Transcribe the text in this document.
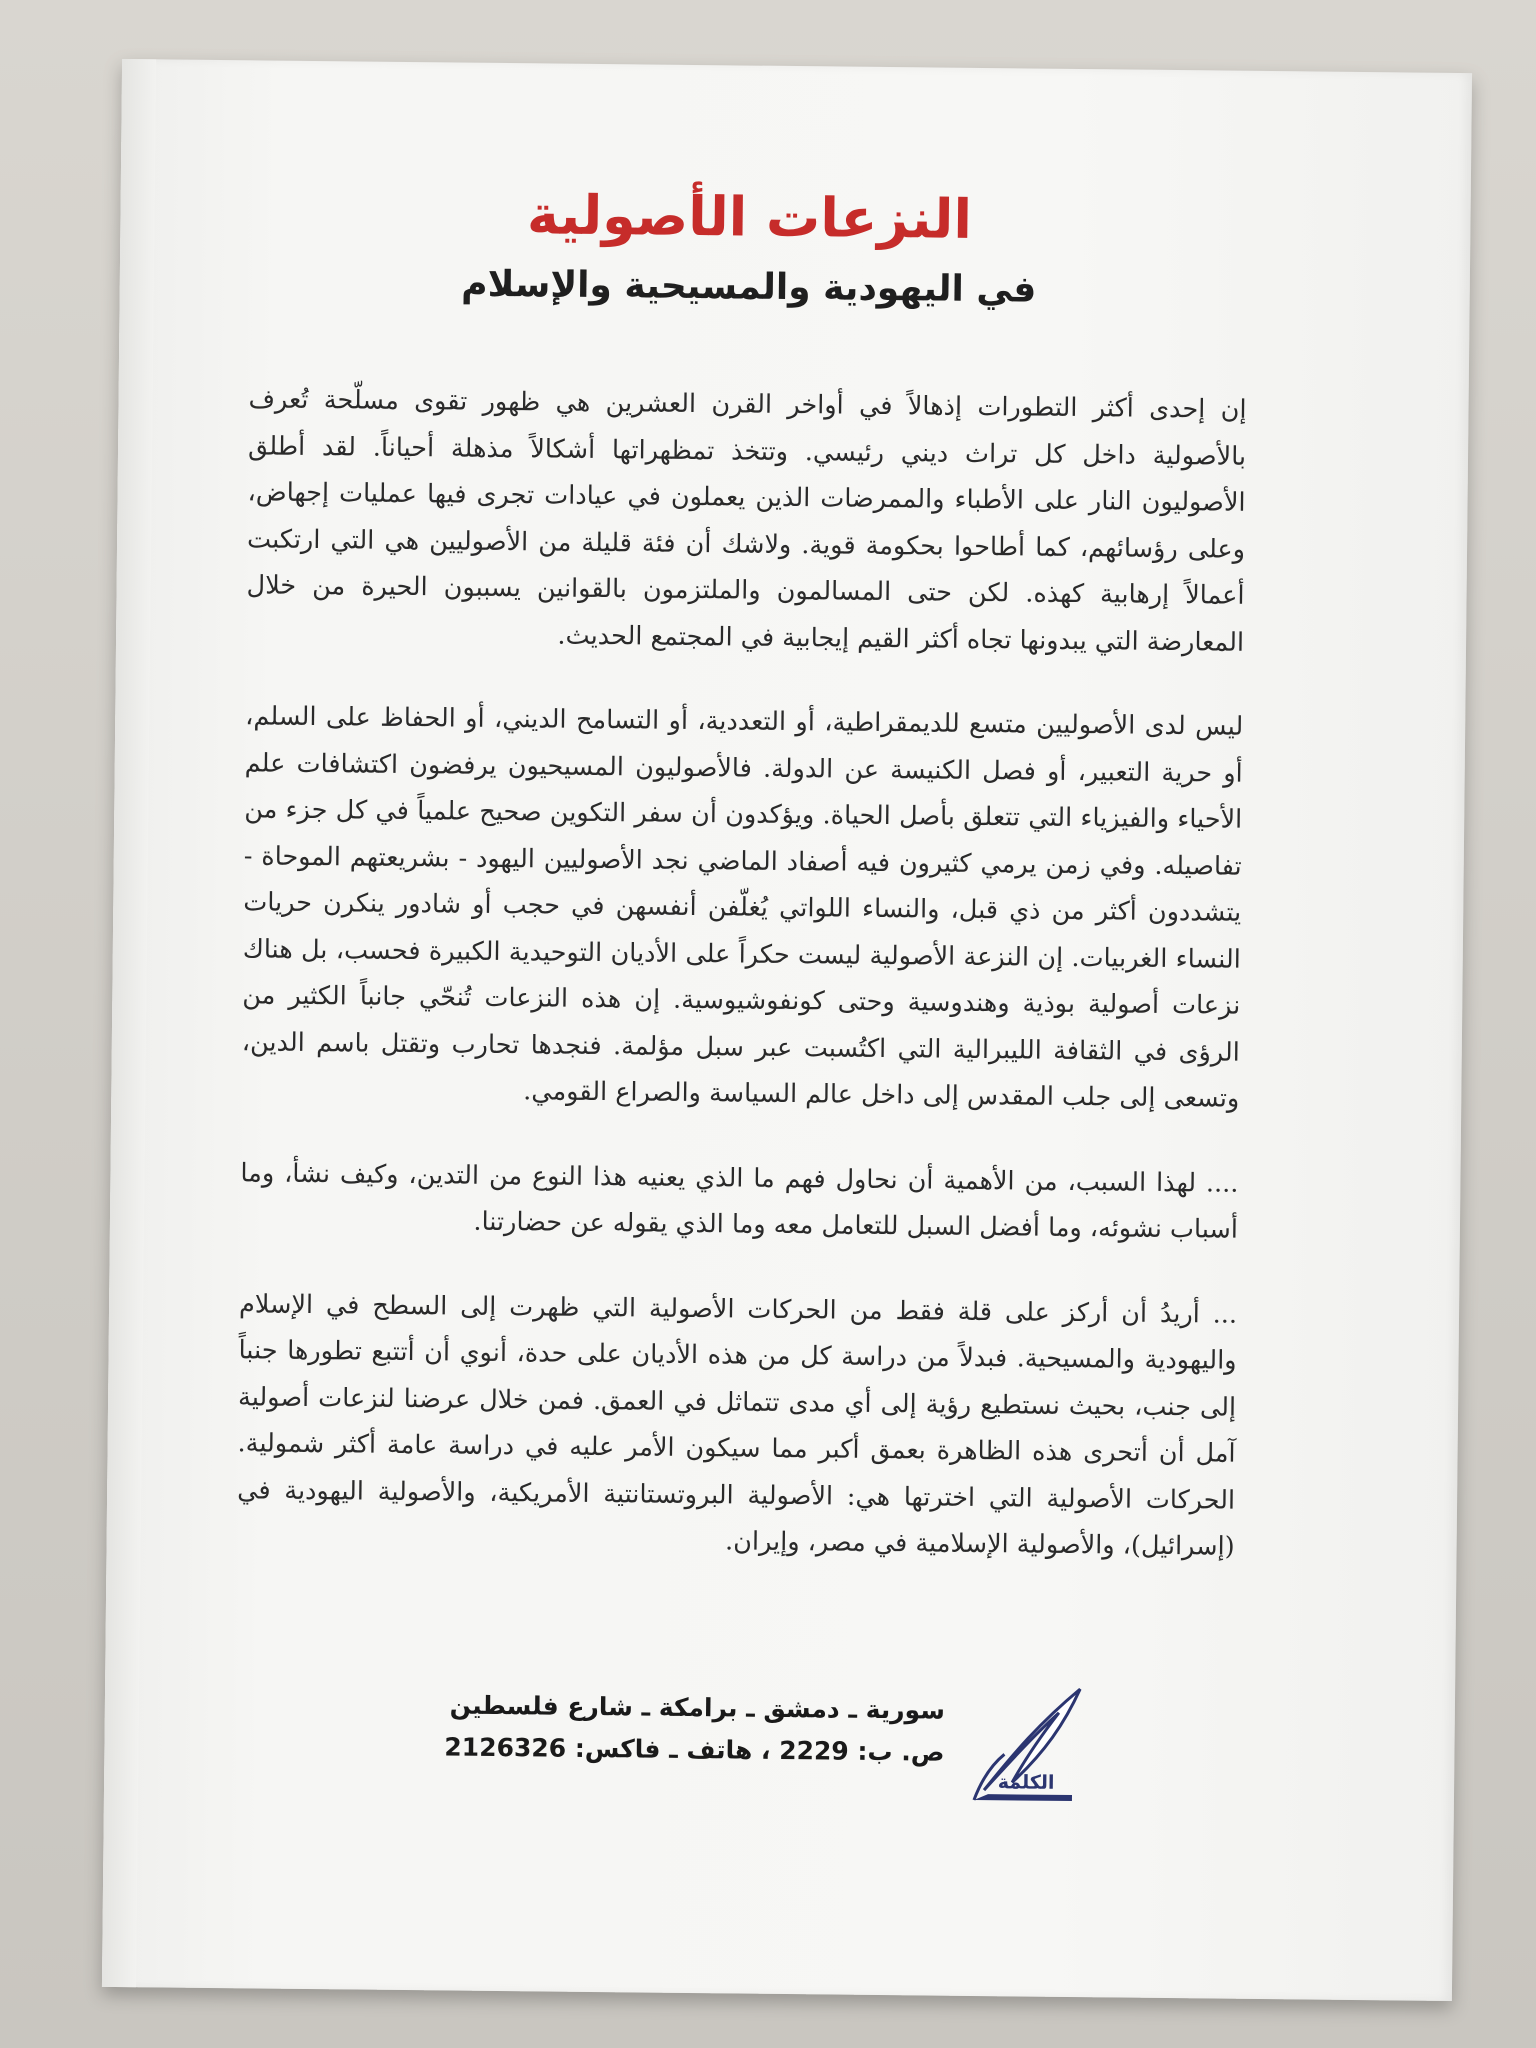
النزعات الأصولية
في اليهودية والمسيحية والإسلام

إن إحدى أكثر التطورات إذهالاً في أواخر القرن العشرين هي ظهور تقوى مسلّحة تُعرف بالأصولية داخل كل تراث ديني رئيسي. وتتخذ تمظهراتها أشكالاً مذهلة أحياناً. لقد أطلق الأصوليون النار على الأطباء والممرضات الذين يعملون في عيادات تجرى فيها عمليات إجهاض، وعلى رؤسائهم، كما أطاحوا بحكومة قوية. ولاشك أن فئة قليلة من الأصوليين هي التي ارتكبت أعمالاً إرهابية كهذه. لكن حتى المسالمون والملتزمون بالقوانين يسببون الحيرة من خلال المعارضة التي يبدونها تجاه أكثر القيم إيجابية في المجتمع الحديث.

ليس لدى الأصوليين متسع للديمقراطية، أو التعددية، أو التسامح الديني، أو الحفاظ على السلم، أو حرية التعبير، أو فصل الكنيسة عن الدولة. فالأصوليون المسيحيون يرفضون اكتشافات علم الأحياء والفيزياء التي تتعلق بأصل الحياة. ويؤكدون أن سفر التكوين صحيح علمياً في كل جزء من تفاصيله. وفي زمن يرمي كثيرون فيه أصفاد الماضي نجد الأصوليين اليهود - بشريعتهم الموحاة - يتشددون أكثر من ذي قبل، والنساء اللواتي يُغلّفن أنفسهن في حجب أو شادور ينكرن حريات النساء الغربيات. إن النزعة الأصولية ليست حكراً على الأديان التوحيدية الكبيرة فحسب، بل هناك نزعات أصولية بوذية وهندوسية وحتى كونفوشيوسية. إن هذه النزعات تُنحّي جانباً الكثير من الرؤى في الثقافة الليبرالية التي اكتُسبت عبر سبل مؤلمة. فنجدها تحارب وتقتل باسم الدين، وتسعى إلى جلب المقدس إلى داخل عالم السياسة والصراع القومي.

.... لهذا السبب، من الأهمية أن نحاول فهم ما الذي يعنيه هذا النوع من التدين، وكيف نشأ، وما أسباب نشوئه، وما أفضل السبل للتعامل معه وما الذي يقوله عن حضارتنا.

... أريدُ أن أركز على قلة فقط من الحركات الأصولية التي ظهرت إلى السطح في الإسلام واليهودية والمسيحية. فبدلاً من دراسة كل من هذه الأديان على حدة، أنوي أن أتتبع تطورها جنباً إلى جنب، بحيث نستطيع رؤية إلى أي مدى تتماثل في العمق. فمن خلال عرضنا لنزعات أصولية آمل أن أتحرى هذه الظاهرة بعمق أكبر مما سيكون الأمر عليه في دراسة عامة أكثر شمولية. الحركات الأصولية التي اخترتها هي: الأصولية البروتستانتية الأمريكية، والأصولية اليهودية في (إسرائيل)، والأصولية الإسلامية في مصر، وإيران.

سورية ـ دمشق ـ برامكة ـ شارع فلسطين
ص. ب: 2229 ، هاتف ـ فاكس: 2126326
الكلمة
